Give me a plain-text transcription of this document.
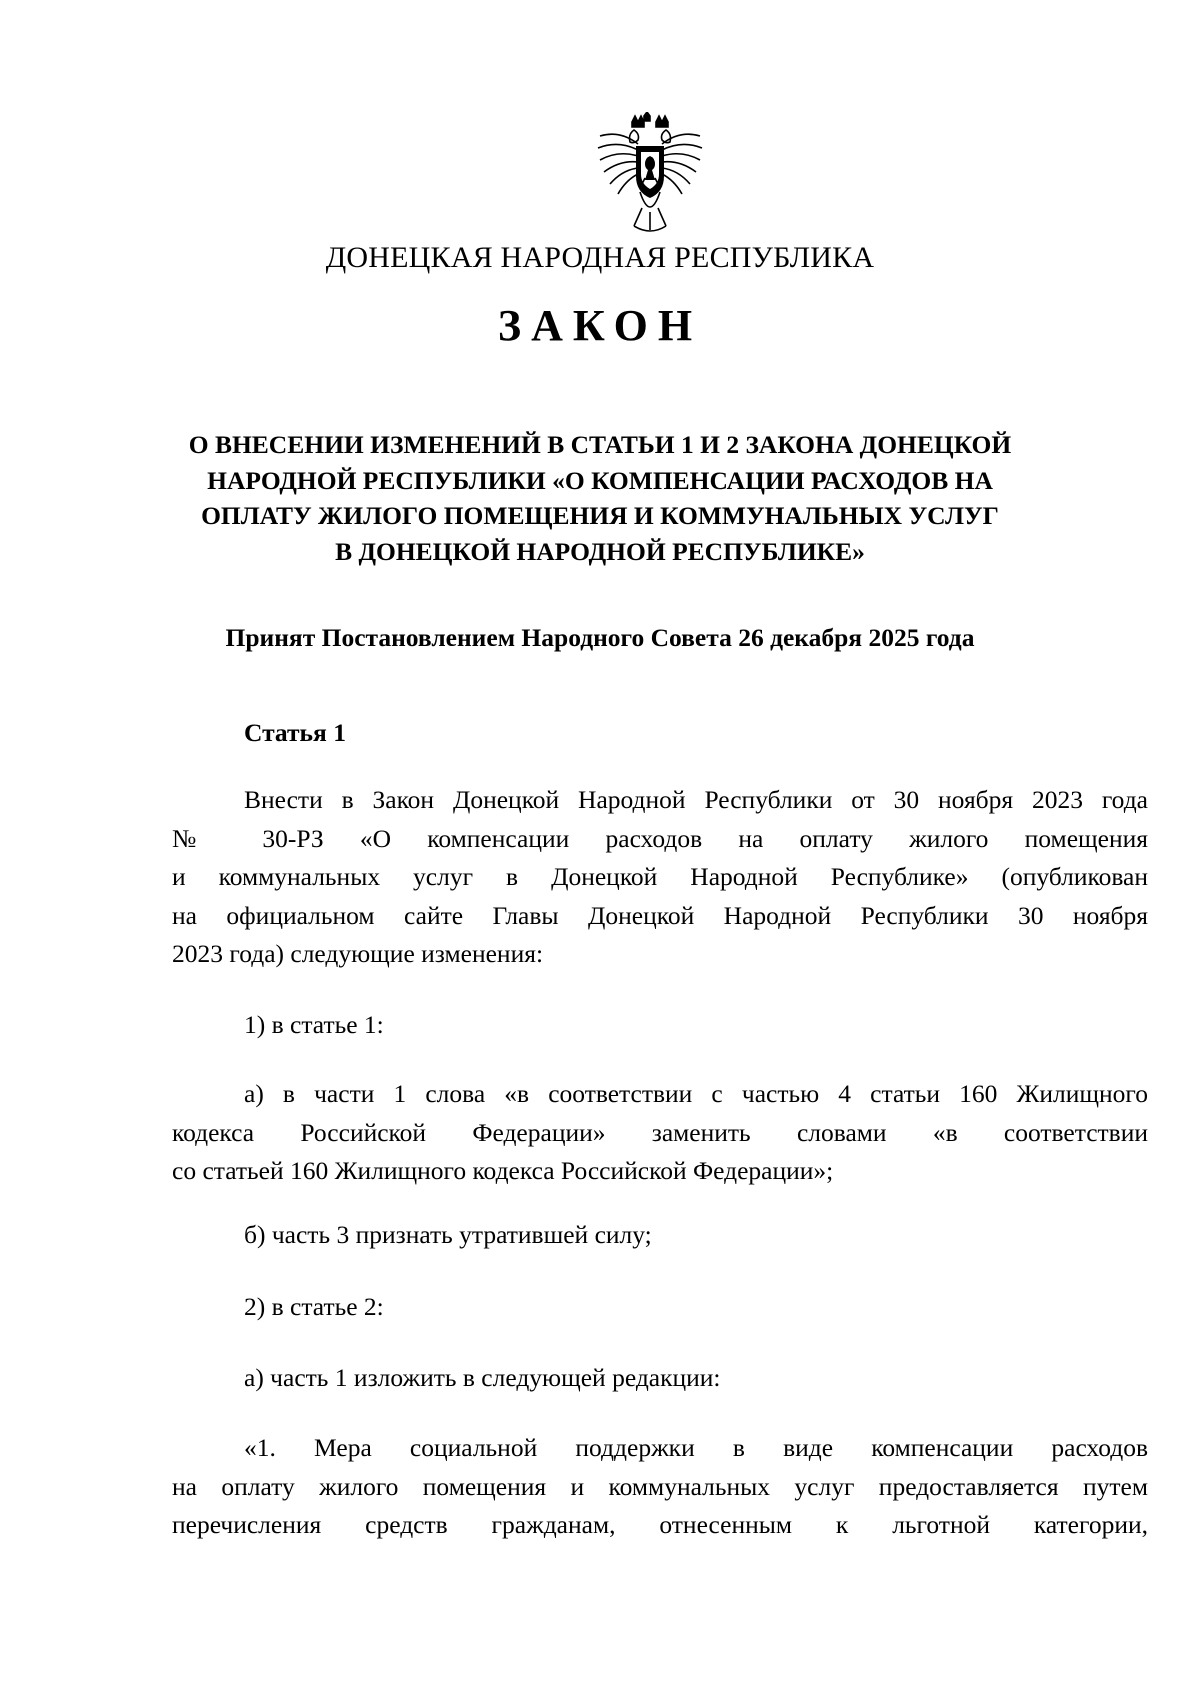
ДОНЕЦКАЯ НАРОДНАЯ РЕСПУБЛИКА
ЗАКОН
О ВНЕСЕНИИ ИЗМЕНЕНИЙ В СТАТЬИ 1 И 2 ЗАКОНА ДОНЕЦКОЙ
НАРОДНОЙ РЕСПУБЛИКИ «О КОМПЕНСАЦИИ РАСХОДОВ НА
ОПЛАТУ ЖИЛОГО ПОМЕЩЕНИЯ И КОММУНАЛЬНЫХ УСЛУГ
В ДОНЕЦКОЙ НАРОДНОЙ РЕСПУБЛИКЕ»
Принят Постановлением Народного Совета 26 декабря 2025 года
Статья 1
Внести в Закон Донецкой Народной Республики от 30 ноября 2023 года
№ 30-РЗ «О компенсации расходов на оплату жилого помещения
и коммунальных услуг в Донецкой Народной Республике» (опубликован
на официальном сайте Главы Донецкой Народной Республики 30 ноября
2023 года) следующие изменения:
1) в статье 1:
а) в части 1 слова «в соответствии с частью 4 статьи 160 Жилищного
кодекса Российской Федерации» заменить словами «в соответствии
со статьей 160 Жилищного кодекса Российской Федерации»;
б) часть 3 признать утратившей силу;
2) в статье 2:
а) часть 1 изложить в следующей редакции:
«1. Мера социальной поддержки в виде компенсации расходов
на оплату жилого помещения и коммунальных услуг предоставляется путем
перечисления средств гражданам, отнесенным к льготной категории,
